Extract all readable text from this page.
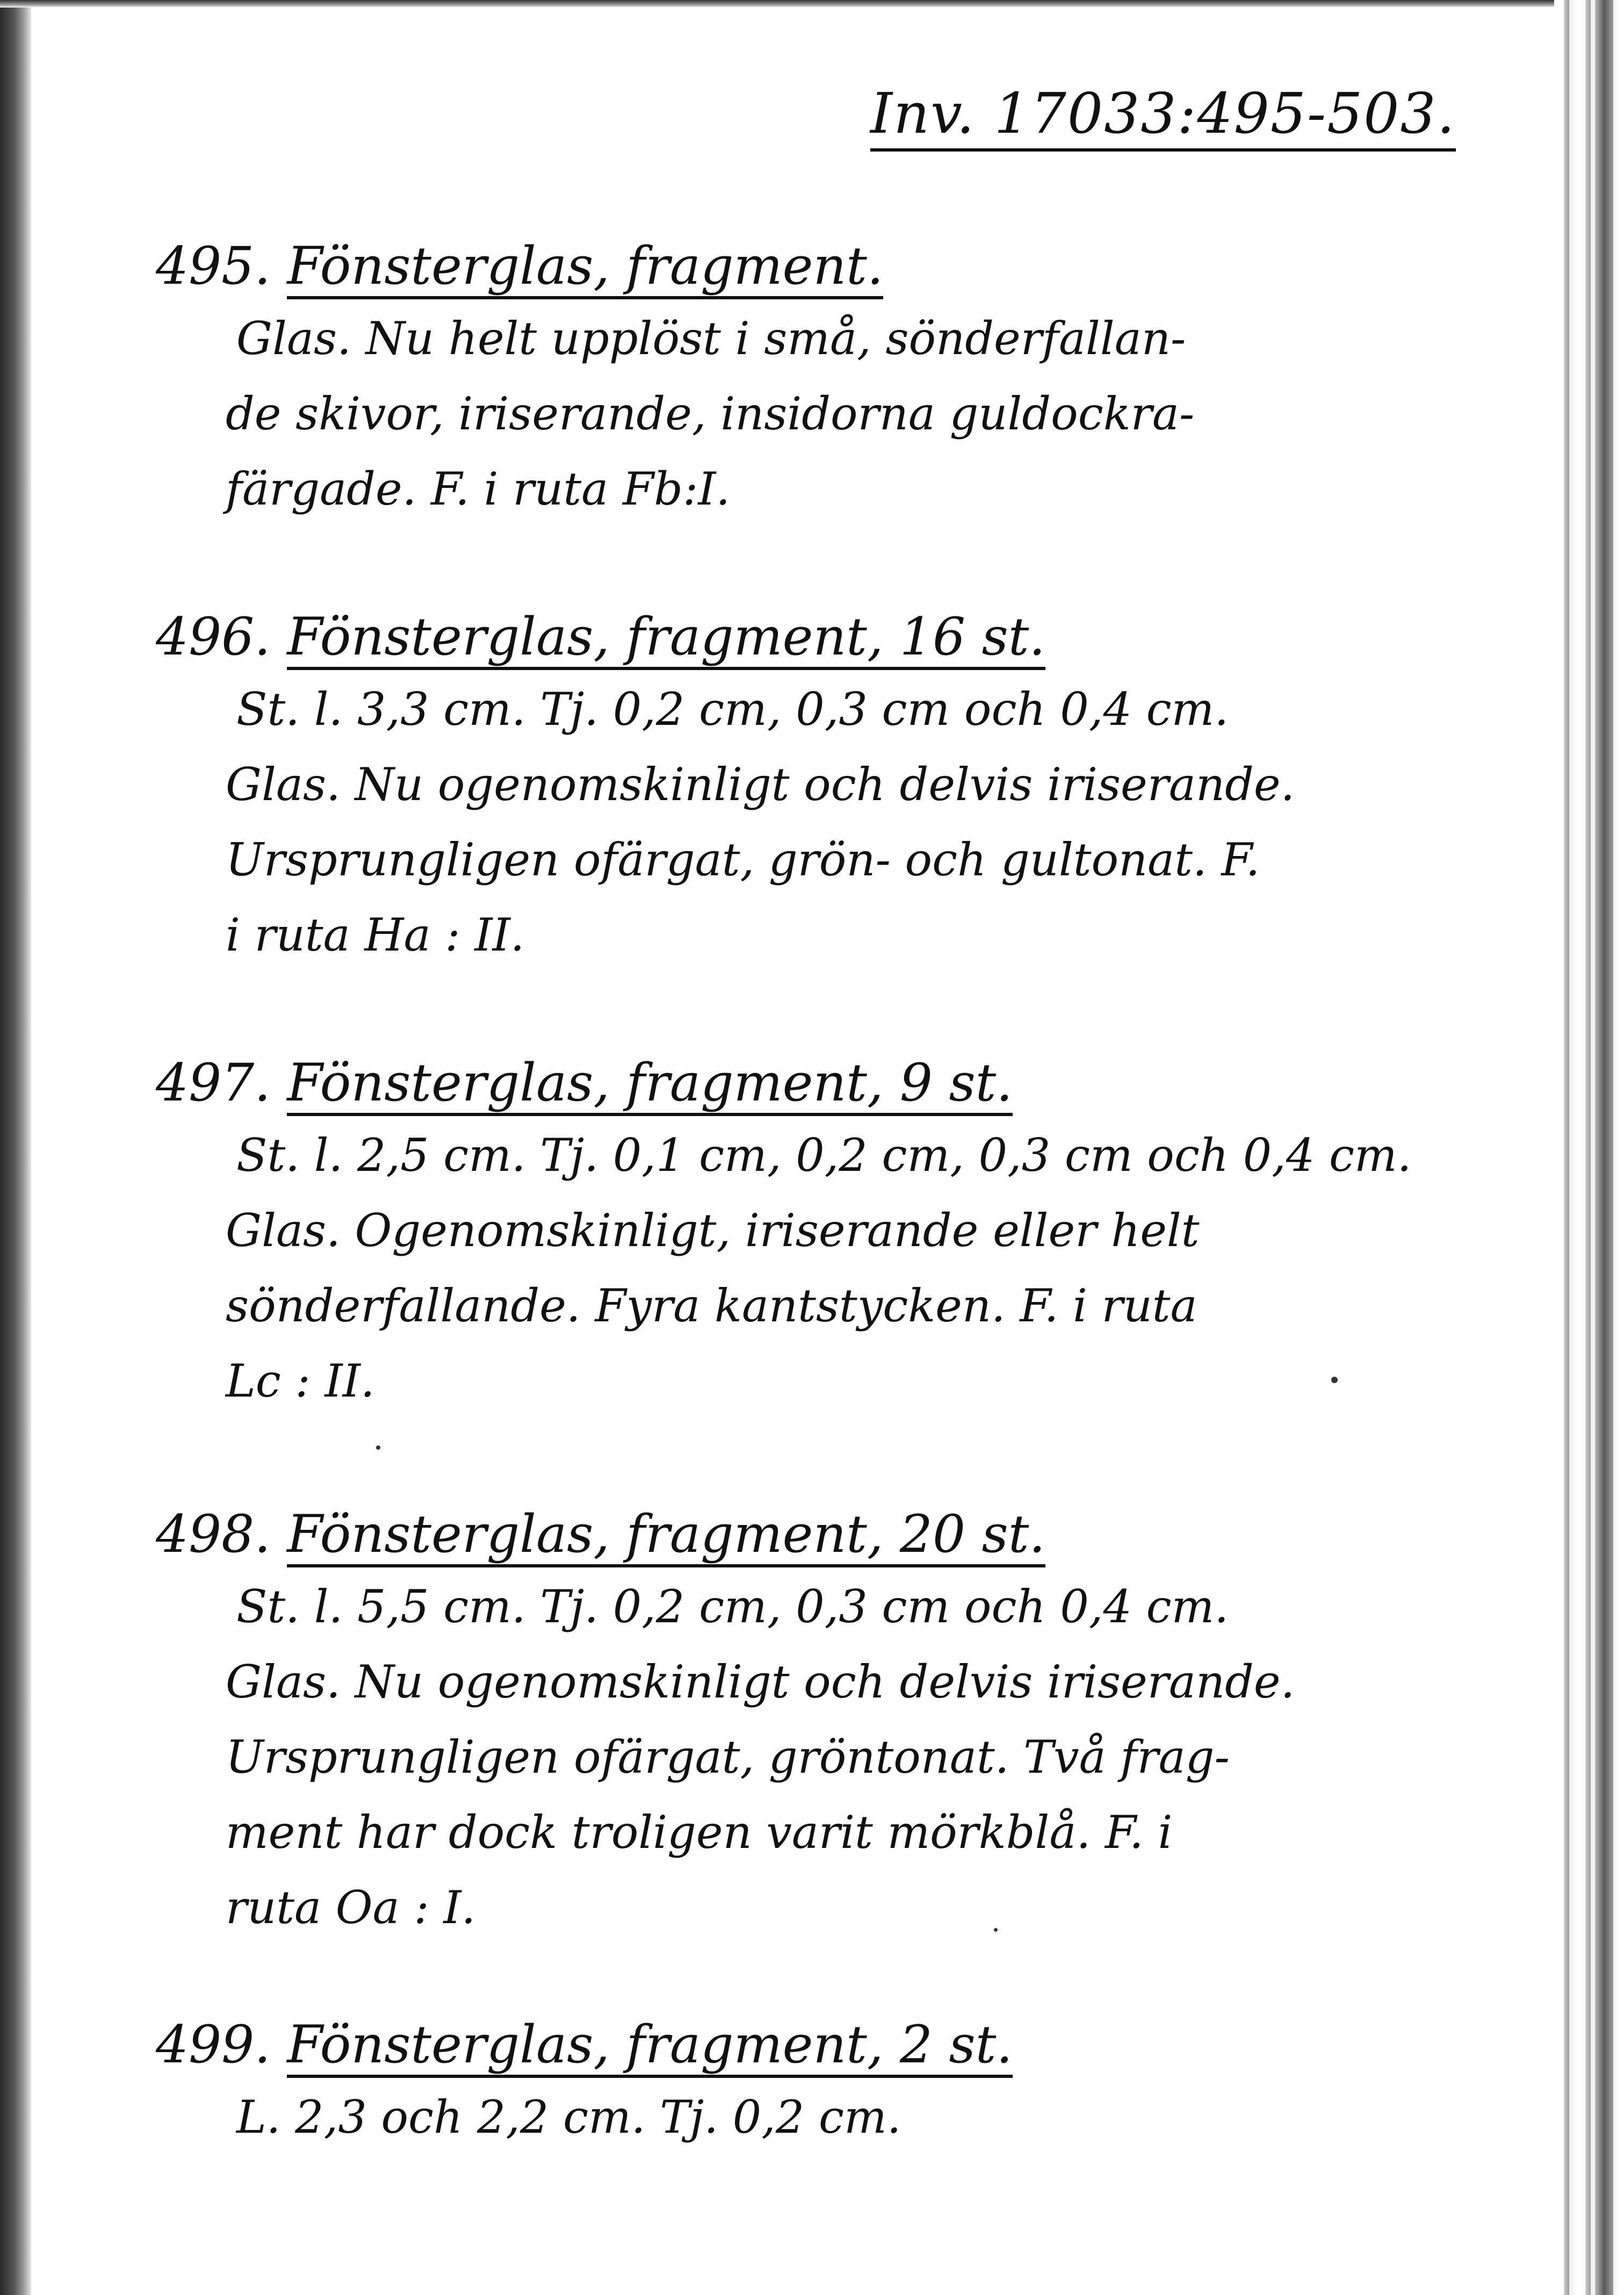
Inv. 17033:495-503.
495. Fönsterglas, fragment.
Glas. Nu helt upplöst i små, sönderfallan-
de skivor, iriserande, insidorna guldockra-
färgade. F. i ruta Fb:I.
496. Fönsterglas, fragment, 16 st.
St. l. 3,3 cm. Tj. 0,2 cm, 0,3 cm och 0,4 cm.
Glas. Nu ogenomskinligt och delvis iriserande.
Ursprungligen ofärgat, grön- och gultonat. F.
i ruta Ha : II.
497. Fönsterglas, fragment, 9 st.
St. l. 2,5 cm. Tj. 0,1 cm, 0,2 cm, 0,3 cm och 0,4 cm.
Glas. Ogenomskinligt, iriserande eller helt
sönderfallande. Fyra kantstycken. F. i ruta
Lc : II.
498. Fönsterglas, fragment, 20 st.
St. l. 5,5 cm. Tj. 0,2 cm, 0,3 cm och 0,4 cm.
Glas. Nu ogenomskinligt och delvis iriserande.
Ursprungligen ofärgat, gröntonat. Två frag-
ment har dock troligen varit mörkblå. F. i
ruta Oa : I.
499. Fönsterglas, fragment, 2 st.
L. 2,3 och 2,2 cm. Tj. 0,2 cm.
